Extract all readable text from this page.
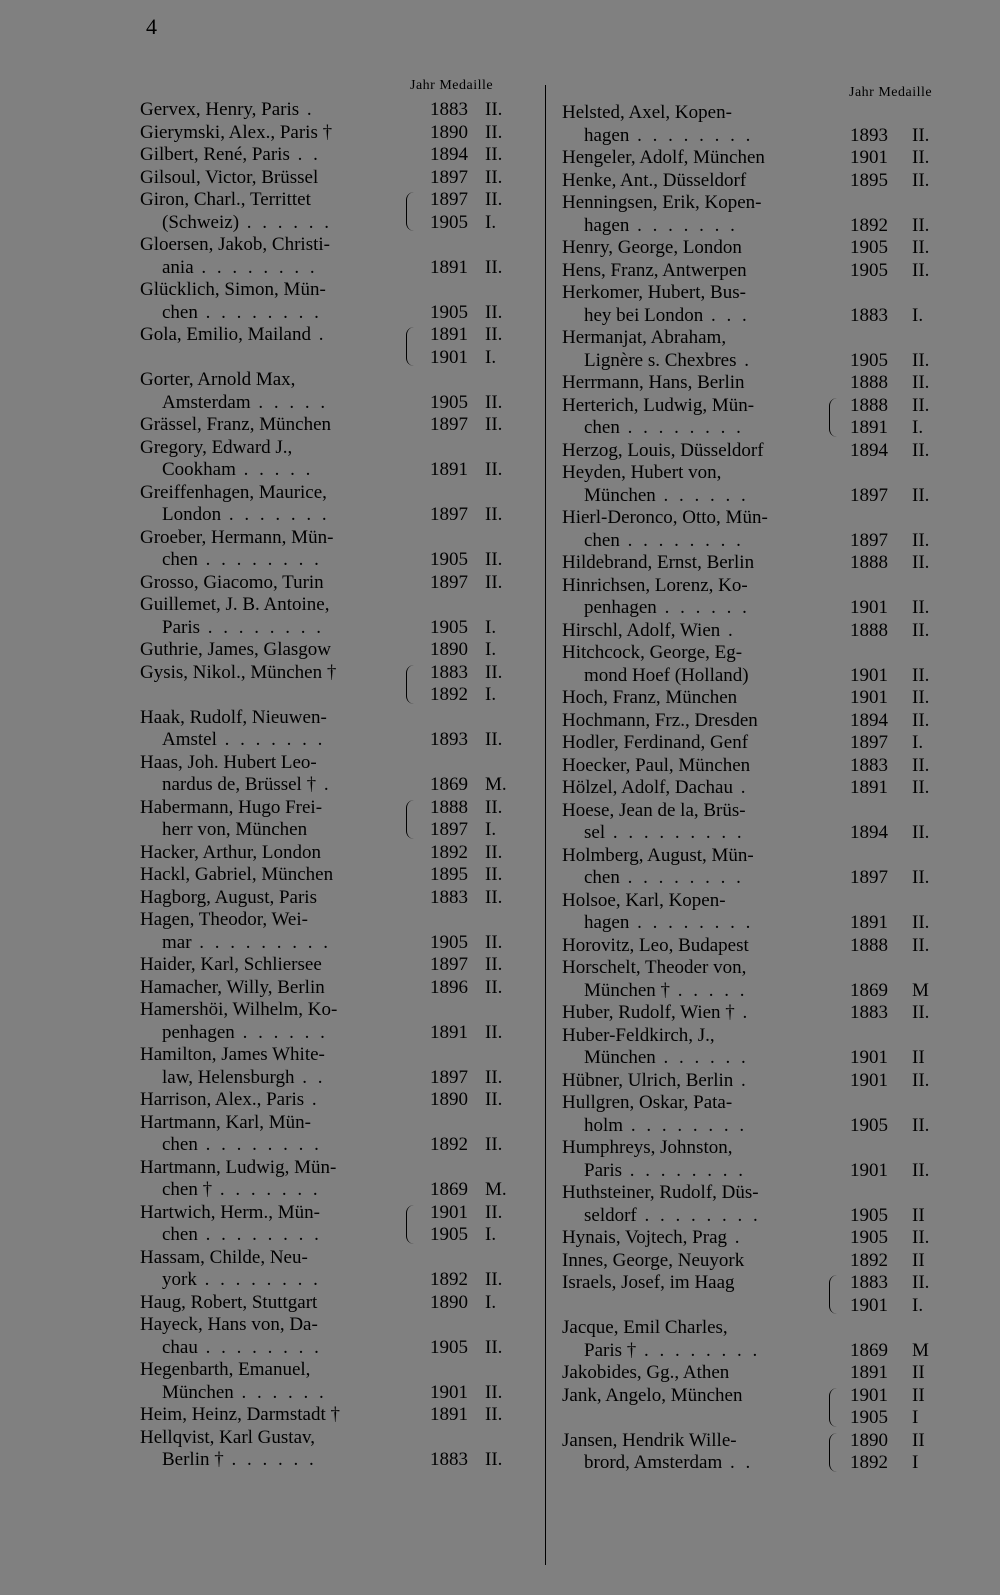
4
Jahr Medaille
Gervex, Henry, Paris .	1883 II.
Gierymski, Alex., Paris †	1890 II.
Gilbert, René, Paris . .	1894 II.
Gilsoul, Victor, Brüssel	1897 II.
Giron, Charl., Territtet	1897 II.
(Schweiz) . . . . . .	1905 I.
Gloersen, Jakob, Christi-
ania . . . . . . . .	1891 II.
Glücklich, Simon, Mün-
chen . . . . . . . .	1905 II.
Gola, Emilio, Mailand .	1891 II.
1901 I.
Gorter, Arnold Max,
Amsterdam . . . . .	1905 II.
Grässel, Franz, München	1897 II.
Gregory, Edward J.,
Cookham . . . . .	1891 II.
Greiffenhagen, Maurice,
London . . . . . . .	1897 II.
Groeber, Hermann, Mün-
chen . . . . . . . .	1905 II.
Grosso, Giacomo, Turin	1897 II.
Guillemet, J. B. Antoine,
Paris . . . . . . . .	1905 I.
Guthrie, James, Glasgow	1890 I.
Gysis, Nikol., München †	1883 II.
1892 I.
Haak, Rudolf, Nieuwen-
Amstel . . . . . . .	1893 II.
Haas, Joh. Hubert Leo-
nardus de, Brüssel † .	1869 M.
Habermann, Hugo Frei-	1888 II.
herr von, München	1897 I.
Hacker, Arthur, London	1892 II.
Hackl, Gabriel, München	1895 II.
Hagborg, August, Paris	1883 II.
Hagen, Theodor, Wei-
mar . . . . . . . . .	1905 II.
Haider, Karl, Schliersee	1897 II.
Hamacher, Willy, Berlin	1896 II.
Hamershöi, Wilhelm, Ko-
penhagen . . . . . .	1891 II.
Hamilton, James White-
law, Helensburgh . .	1897 II.
Harrison, Alex., Paris .	1890 II.
Hartmann, Karl, Mün-
chen . . . . . . . .	1892 II.
Hartmann, Ludwig, Mün-
chen † . . . . . . .	1869 M.
Hartwich, Herm., Mün-	1901 II.
chen . . . . . . . .	1905 I.
Hassam, Childe, Neu-
york . . . . . . . .	1892 II.
Haug, Robert, Stuttgart	1890 I.
Hayeck, Hans von, Da-
chau . . . . . . . .	1905 II.
Hegenbarth, Emanuel,
München . . . . . .	1901 II.
Heim, Heinz, Darmstadt †	1891 II.
Hellqvist, Karl Gustav,
Berlin † . . . . . .	1883 II.
Jahr Medaille
Helsted, Axel, Kopen-
hagen . . . . . . . .	1893 II.
Hengeler, Adolf, München	1901 II.
Henke, Ant., Düsseldorf	1895 II.
Henningsen, Erik, Kopen-
hagen . . . . . . .	1892 II.
Henry, George, London	1905 II.
Hens, Franz, Antwerpen	1905 II.
Herkomer, Hubert, Bus-
hey bei London . . .	1883 I.
Hermanjat, Abraham,
Lignère s. Chexbres .	1905 II.
Herrmann, Hans, Berlin	1888 II.
Herterich, Ludwig, Mün-	1888 II.
chen . . . . . . . .	1891 I.
Herzog, Louis, Düsseldorf	1894 II.
Heyden, Hubert von,
München . . . . . .	1897 II.
Hierl-Deronco, Otto, Mün-
chen . . . . . . . .	1897 II.
Hildebrand, Ernst, Berlin	1888 II.
Hinrichsen, Lorenz, Ko-
penhagen . . . . . .	1901 II.
Hirschl, Adolf, Wien .	1888 II.
Hitchcock, George, Eg-
mond Hoef (Holland)	1901 II.
Hoch, Franz, München	1901 II.
Hochmann, Frz., Dresden	1894 II.
Hodler, Ferdinand, Genf	1897 I.
Hoecker, Paul, München	1883 II.
Hölzel, Adolf, Dachau .	1891 II.
Hoese, Jean de la, Brüs-
sel . . . . . . . . .	1894 II.
Holmberg, August, Mün-
chen . . . . . . . .	1897 II.
Holsoe, Karl, Kopen-
hagen . . . . . . . .	1891 II.
Horovitz, Leo, Budapest	1888 II.
Horschelt, Theoder von,
München † . . . . .	1869 M
Huber, Rudolf, Wien † .	1883 II.
Huber-Feldkirch, J.,
München . . . . . .	1901 II
Hübner, Ulrich, Berlin .	1901 II.
Hullgren, Oskar, Pata-
holm . . . . . . . .	1905 II.
Humphreys, Johnston,
Paris . . . . . . . .	1901 II.
Huthsteiner, Rudolf, Düs-
seldorf . . . . . . . .	1905 II
Hynais, Vojtech, Prag .	1905 II.
Innes, George, Neuyork	1892 II
Israels, Josef, im Haag	1883 II.
1901 I.
Jacque, Emil Charles,
Paris † . . . . . . . .	1869 M
Jakobides, Gg., Athen	1891 II
Jank, Angelo, München	1901 II
1905 I
Jansen, Hendrik Wille-	1890 II
brord, Amsterdam . .	1892 I
